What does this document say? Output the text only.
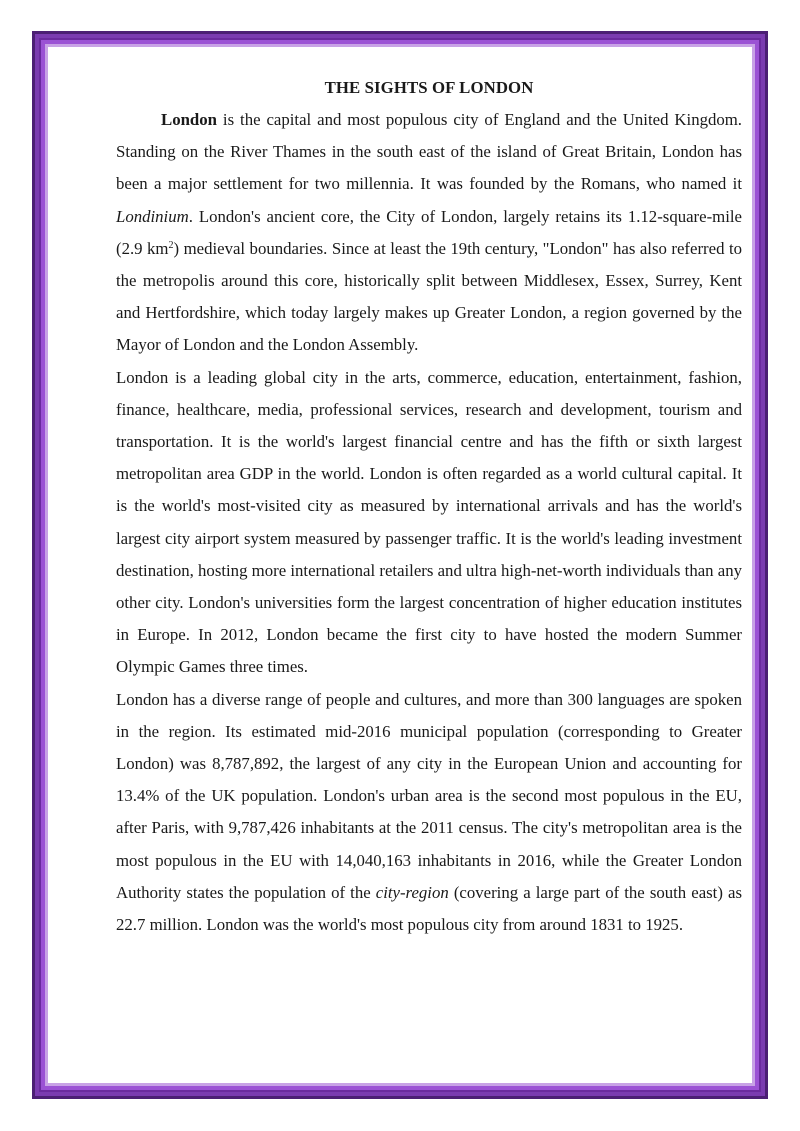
THE SIGHTS OF LONDON

London is the capital and most populous city of England and the United Kingdom. Standing on the River Thames in the south east of the island of Great Britain, London has been a major settlement for two millennia. It was founded by the Romans, who named it Londinium. London's ancient core, the City of London, largely retains its 1.12-square-mile (2.9 $km^2$) medieval boundaries. Since at least the 19th century, "London" has also referred to the metropolis around this core, historically split between Middlesex, Essex, Surrey, Kent and Hertfordshire, which today largely makes up Greater London, a region governed by the Mayor of London and the London Assembly.

London is a leading global city in the arts, commerce, education, entertainment, fashion, finance, healthcare, media, professional services, research and development, tourism and transportation. It is the world's largest financial centre and has the fifth or sixth largest metropolitan area GDP in the world. London is often regarded as a world cultural capital. It is the world's most-visited city as measured by international arrivals and has the world's largest city airport system measured by passenger traffic. It is the world's leading investment destination, hosting more international retailers and ultra high-net-worth individuals than any other city. London's universities form the largest concentration of higher education institutes in Europe. In 2012, London became the first city to have hosted the modern Summer Olympic Games three times.

London has a diverse range of people and cultures, and more than 300 languages are spoken in the region. Its estimated mid-2016 municipal population (corresponding to Greater London) was 8,787,892, the largest of any city in the European Union and accounting for 13.4% of the UK population. London's urban area is the second most populous in the EU, after Paris, with 9,787,426 inhabitants at the 2011 census. The city's metropolitan area is the most populous in the EU with 14,040,163 inhabitants in 2016, while the Greater London Authority states the population of the city-region (covering a large part of the south east) as 22.7 million. London was the world's most populous city from around 1831 to 1925.
